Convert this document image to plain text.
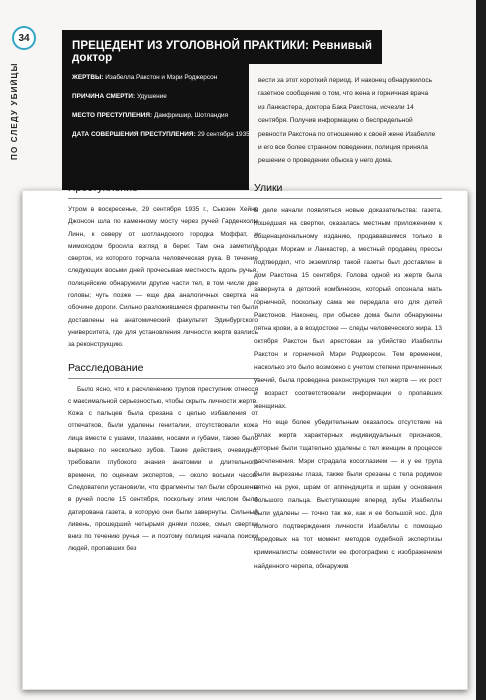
34
ПО СЛЕДУ УБИЙЦЫ
ПРЕЦЕДЕНТ ИЗ УГОЛОВНОЙ ПРАКТИКИ: Ревнивый доктор
ЖЕРТВЫ: Изабелла Ракстон и Мэри Роджерсон
ПРИЧИНА СМЕРТИ: Удушение
МЕСТО ПРЕСТУПЛЕНИЯ: Дамфришир, Шотландия
ДАТА СОВЕРШЕНИЯ ПРЕСТУПЛЕНИЯ: 29 сентября 1935 г.
вести за этот короткий период. И наконец обнаружилось газетное сообщение о том, что жена и горничная врача из Ланкастера, доктора Бака Ракстона, исчезли 14 сентября. Получив информацию о беспредельной ревности Ракстона по отношению к своей жене Изабелле и его все более странном поведении, полиция приняла решение о проведении обыска у него дома.
Преступление
Утром в воскресенье, 29 сентября 1935 г., Сьюзен Хейнс Джонсон шла по каменному мосту через ручей Гарденхолм Линн, к северу от шотландского городка Моффат, и мимоходом бросила взгляд в берег. Там она заметила сверток, из которого торчала человеческая рука. В течение следующих восьми дней прочесывая местность вдоль ручья, полицейские обнаружили другие части тел, в том числе две головы; чуть позже — еще два аналогичных свертка на обочине дороги. Сильно разложившиеся фрагменты тел были доставлены на анатомический факультет Эдинбургского университета, где для установления личности жертв взялись за реконструкцию.
Расследование
Было ясно, что к расчленению трупов преступник отнесся с максимальной серьезностью, чтобы скрыть личности жертв. Кожа с пальцев была срезана с целью избавления от отпечатков, были удалены гениталии, отсутствовали кожа лица вместе с ушами, глазами, носами и губами, также было вырвано по несколько зубов. Такие действия, очевидно, требовали глубокого знания анатомии и длительного времени, по оценкам экспертов, — около восьми часов. Следователи установили, что фрагменты тел были сброшены в ручей после 15 сентября, поскольку этим числом была датирована газета, в которую они были завернуты. Сильный ливень, прошедший четырьмя днями позже, смыл свертки вниз по течению ручья — и поэтому полиция начала поиски людей, пропавших без
Улики
В деле начали появляться новые доказательства: газета, пошедшая на свертки, оказалась местным приложением к общенациональному изданию, продававшимся только в городах Моркам и Ланкастер, а местный продавец прессы подтвердил, что экземпляр такой газеты был доставлен в дом Ракстона 15 сентября. Голова одной из жертв была завернута в детский комбинезон, который опознала мать горничной, поскольку сама же передала его для детей Ракстонов. Наконец, при обыске дома были обнаружены пятна крови, а в воздостоке — следы человеческого жира. 13 октября Ракстон был арестован за убийство Изабеллы Ракстон и горничной Мэри Роджерсон. Тем временем, насколько это было возможно с учетом степени причиненных увечий, была проведена реконструкция тел жертв — их рост и возраст соответствовали информации о пропавших женщинах.
Но еще более убедительным оказалось отсутствие на телах жертв характерных индивидуальных признаков, которые были тщательно удалены с тел женщин в процессе расчленения. Мэри страдала косоглазием — и у ее трупа были вырезаны глаза, также были срезаны с тела родимое пятно на руке, шрам от аппендицита и шрам у основания большого пальца. Выступающие вперед зубы Изабеллы были удалены — точно так же, как и ее большой нос. Для полного подтверждения личности Изабеллы с помощью передовых на тот момент методов судебной экспертизы криминалисты совместили ее фотографию с изображением найденного черепа, обнаружив
